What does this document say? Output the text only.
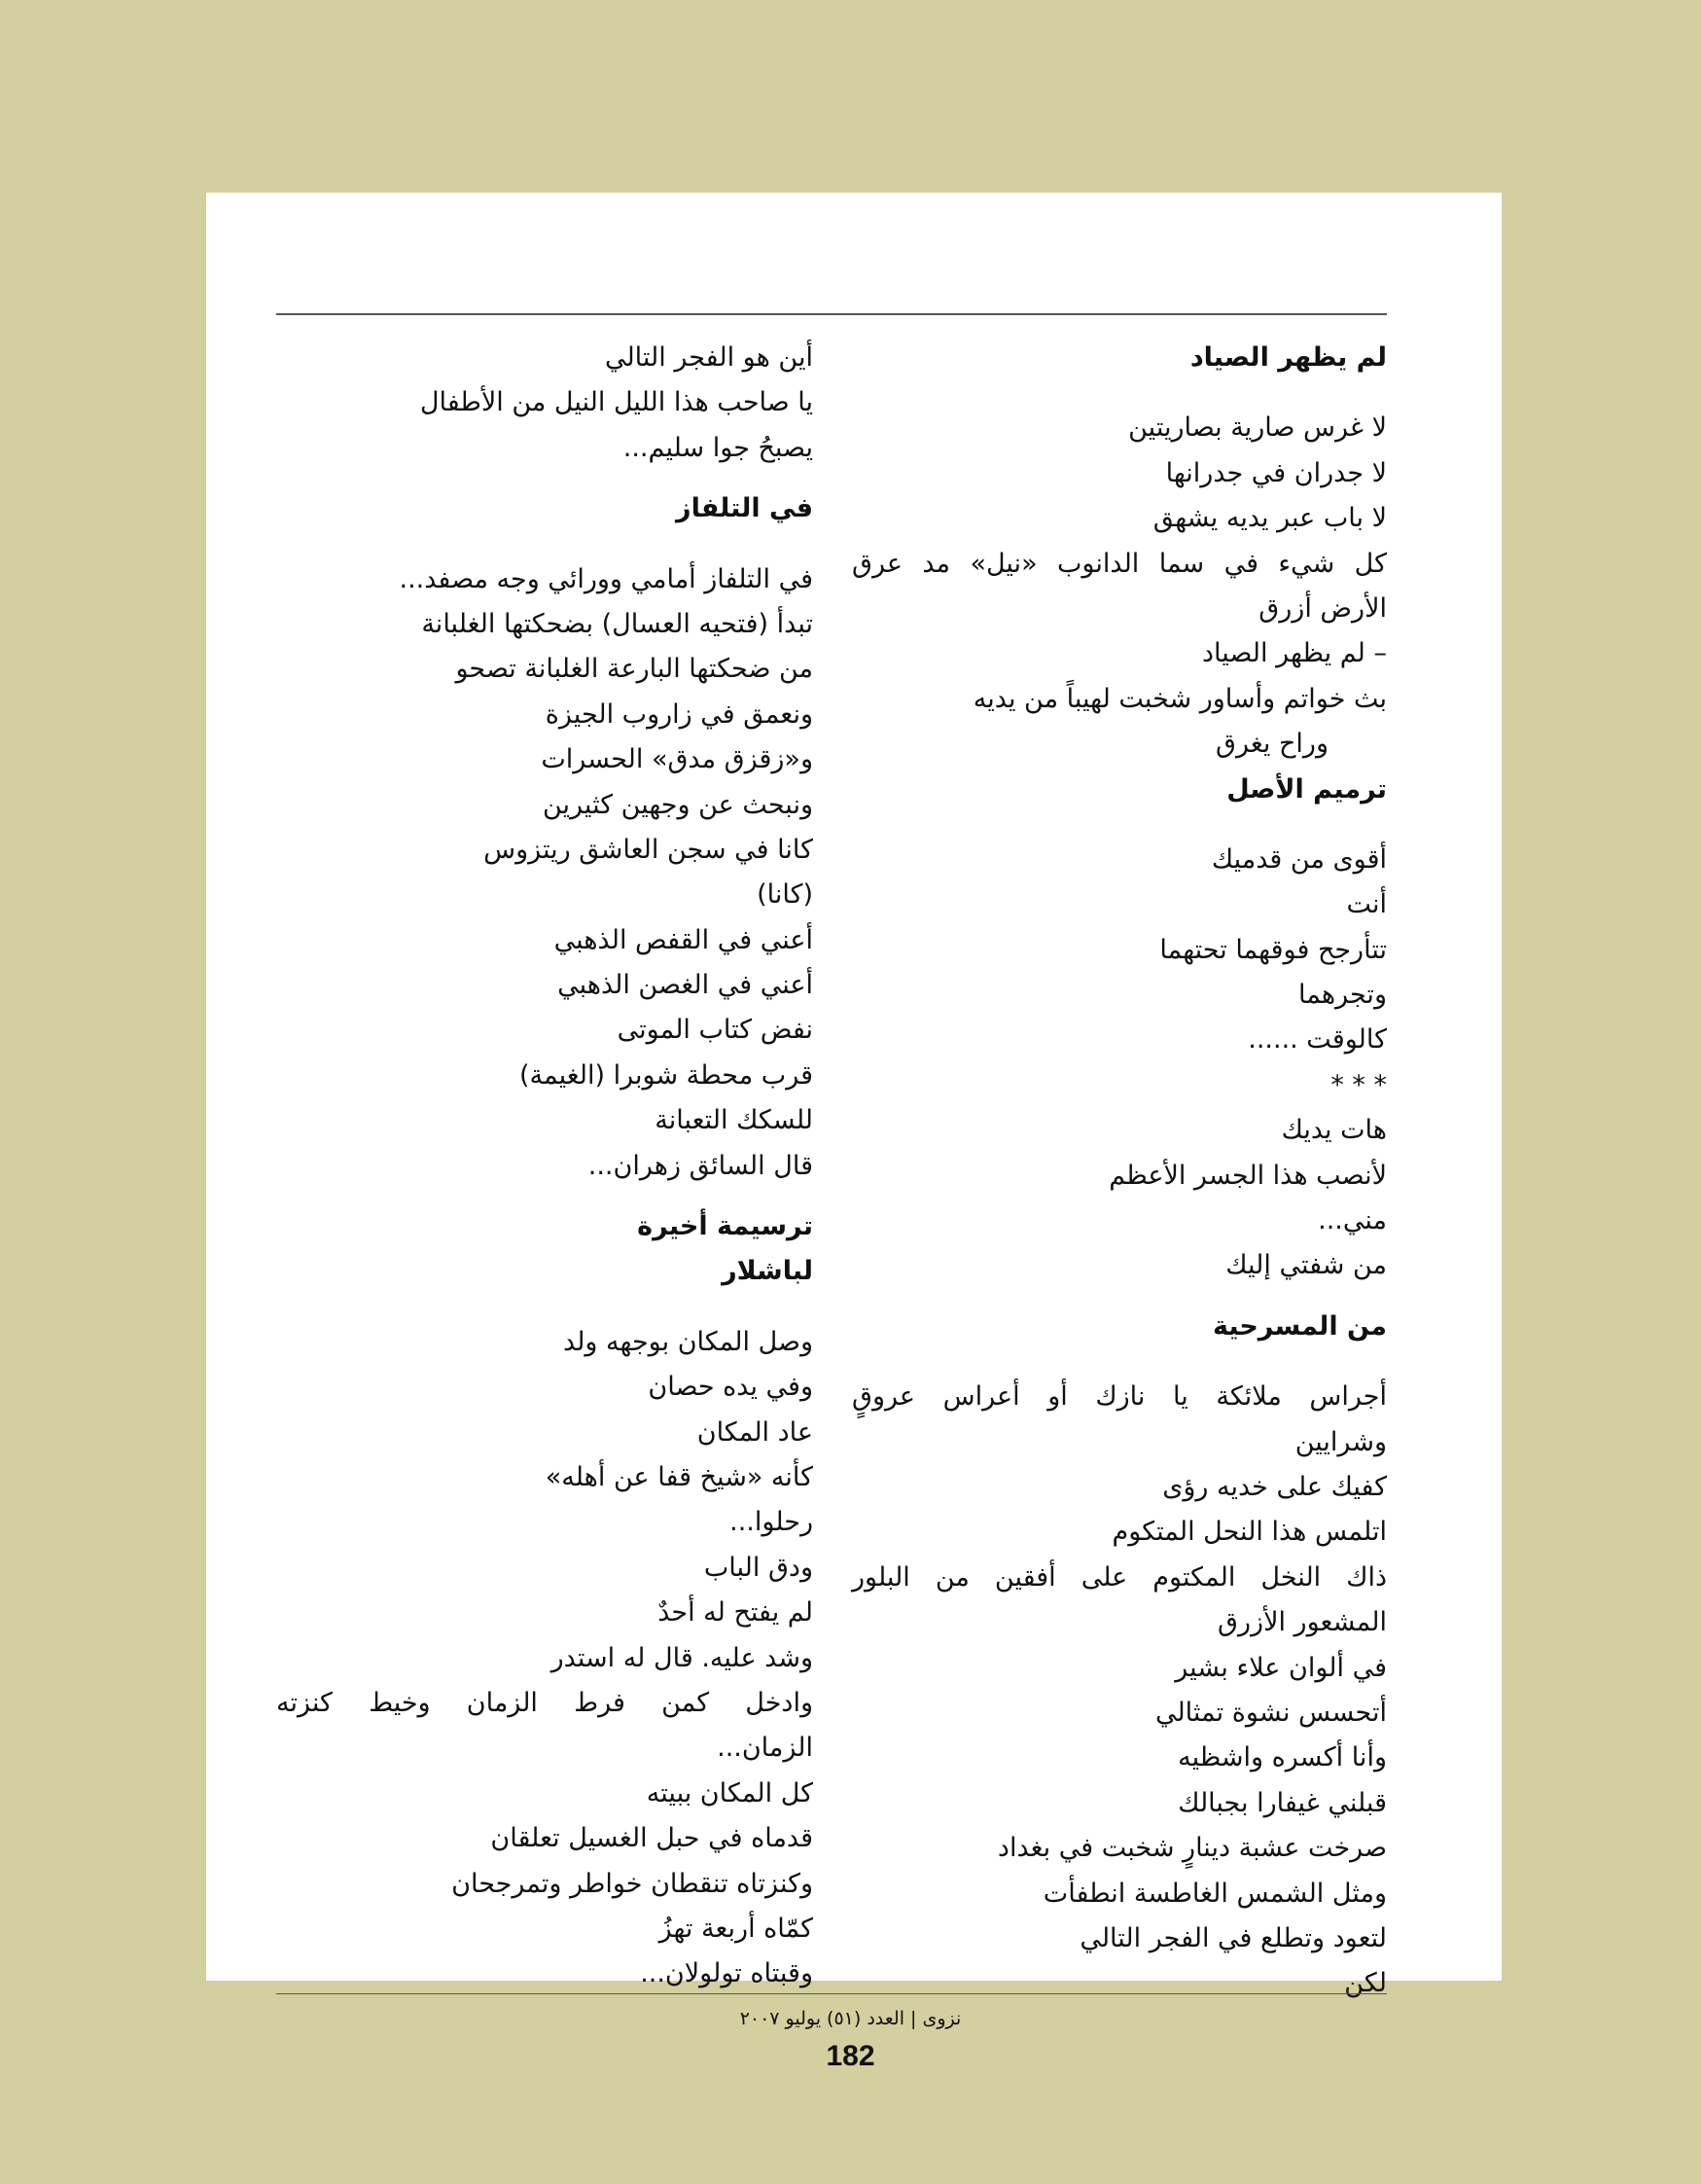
لم يظهر الصياد
لا غرس صارية بصاريتين
لا جدران في جدرانها
لا باب عبر يديه يشهق
كل شيء في سما الدانوب «نيل» مد عرق
الأرض أزرق
– لم يظهر الصياد
بث خواتم وأساور شخبت لهيباً من يديه
وراح يغرق
ترميم الأصل
أقوى من قدميك
أنت
تتأرجح فوقهما تحتهما
وتجرهما
كالوقت ......
* * *
هات يديك
لأنصب هذا الجسر الأعظم
مني...
من شفتي إليك
من المسرحية
أجراس ملائكة يا نازك أو أعراس عروقٍ
وشرايين
كفيك على خديه رؤى
اتلمس هذا النحل المتكوم
ذاك النخل المكتوم على أفقين من البلور
المشعور الأزرق
في ألوان علاء بشير
أتحسس نشوة تمثالي
وأنا أكسره واشظيه
قبلني غيفارا بجبالك
صرخت عشبة دينارٍ شخبت في بغداد
ومثل الشمس الغاطسة انطفأت
لتعود وتطلع في الفجر التالي
لكن
أين هو الفجر التالي
يا صاحب هذا الليل النيل من الأطفال
يصبحُ جوا سليم...
في التلفاز
في التلفاز أمامي وورائي وجه مصفد...
تبدأ (فتحيه العسال) بضحكتها الغلبانة
من ضحكتها البارعة الغلبانة تصحو
ونعمق في زاروب الجيزة
و«زقزق مدق» الحسرات
ونبحث عن وجهين كثيرين
كانا في سجن العاشق ريتزوس
(كانا)
أعني في القفص الذهبي
أعني في الغصن الذهبي
نفض كتاب الموتى
قرب محطة شوبرا (الغيمة)
للسكك التعبانة
قال السائق زهران...
ترسيمة أخيرة
لباشلار
وصل المكان بوجهه ولد
وفي يده حصان
عاد المكان
كأنه «شيخ قفا عن أهله»
رحلوا...
ودق الباب
لم يفتح له أحدٌ
وشد عليه. قال له استدر
وادخل كمن فرط الزمان وخيط كنزته
الزمان...
كل المكان ببيته
قدماه في حبل الغسيل تعلقان
وكنزتاه تنقطان خواطر وتمرجحان
كمّاه أربعة تهزُ
وقبتاه تولولان...
نزوى | العدد (٥١) يوليو ٢٠٠٧
182
